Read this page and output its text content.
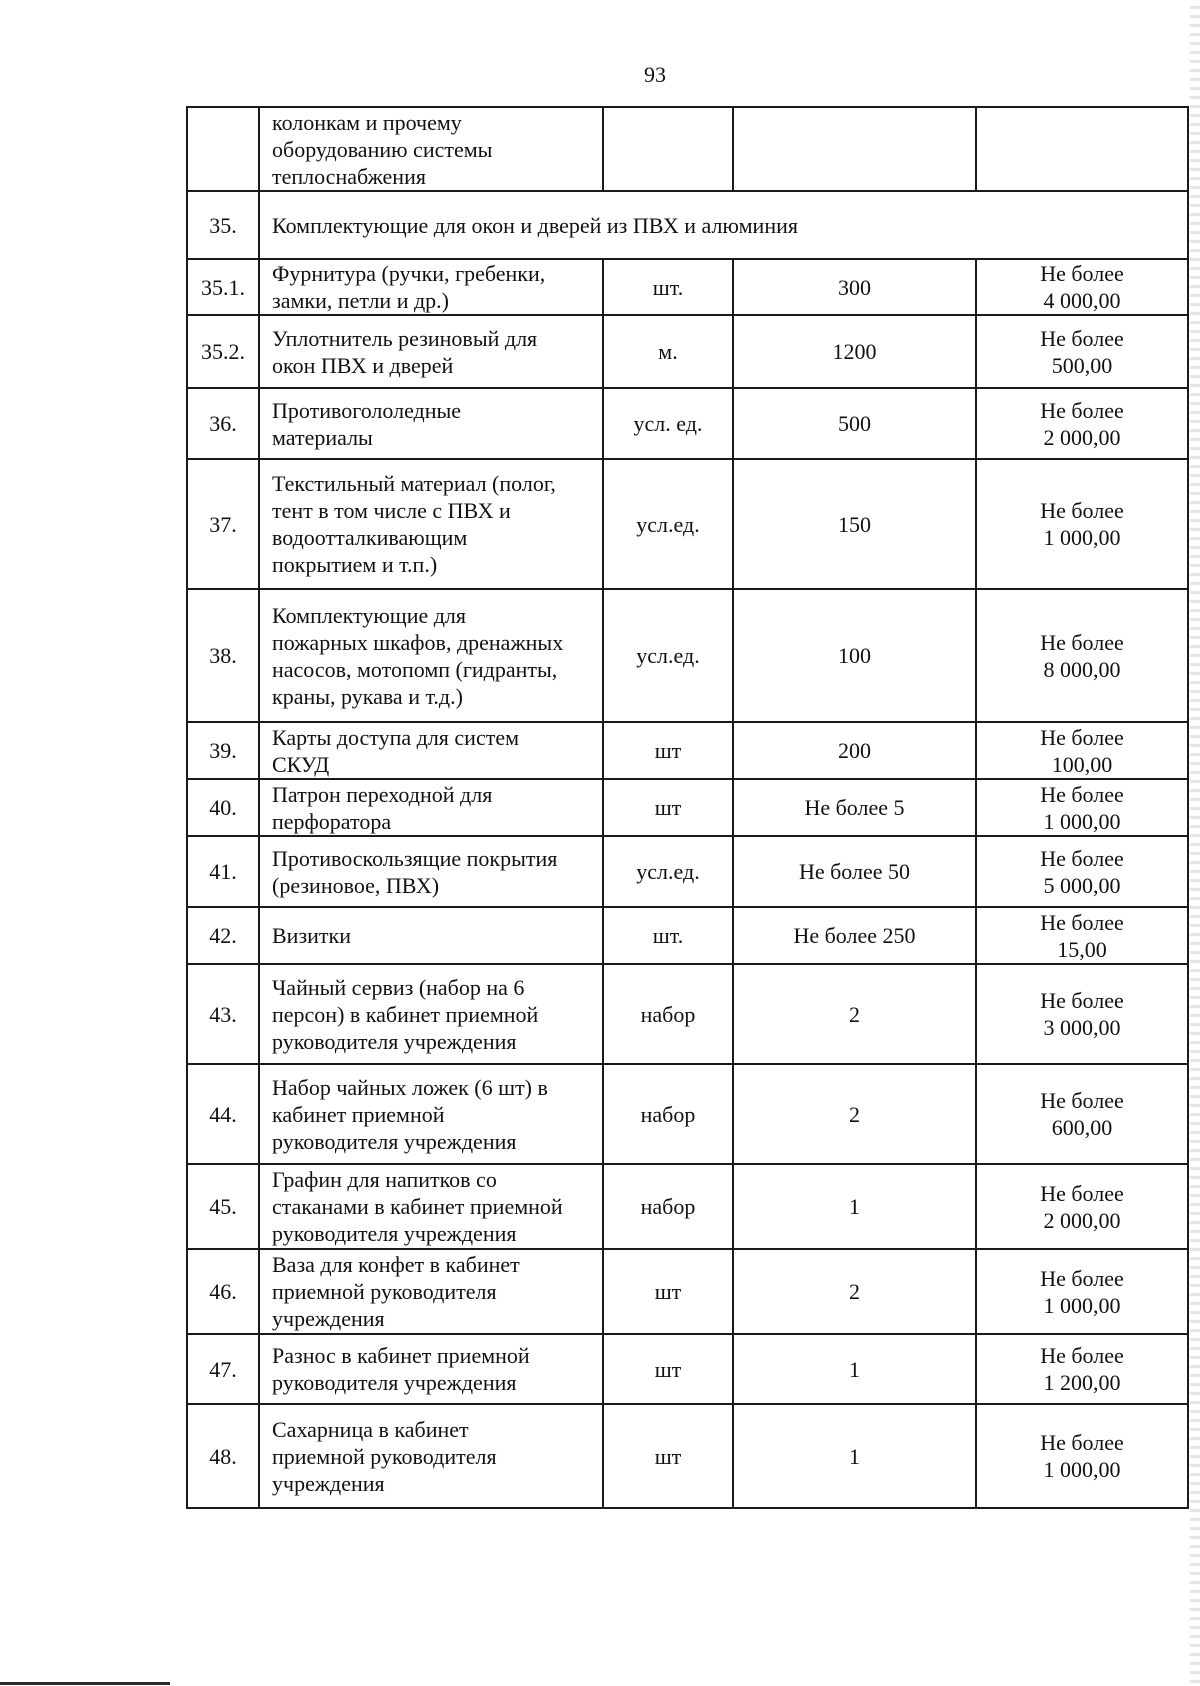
93
	колонкам и прочему
оборудованию системы
теплоснабжения			
35.	Комплектующие для окон и дверей из ПВХ и алюминия			
35.1.	Фурнитура (ручки, гребенки,
замки, петли и др.)	шт.	300	Не более
4 000,00
35.2.	Уплотнитель резиновый для
окон ПВХ и дверей	м.	1200	Не более
500,00
36.	Противогололедные
материалы	усл. ед.	500	Не более
2 000,00
37.	Текстильный материал (полог,
тент в том числе с ПВХ и
водоотталкивающим
покрытием и т.п.)	усл.ед.	150	Не более
1 000,00
38.	Комплектующие для
пожарных шкафов, дренажных
насосов, мотопомп (гидранты,
краны, рукава и т.д.)	усл.ед.	100	Не более
8 000,00
39.	Карты доступа для систем
СКУД	шт	200	Не более
100,00
40.	Патрон переходной для
перфоратора	шт	Не более 5	Не более
1 000,00
41.	Противоскользящие покрытия
(резиновое, ПВХ)	усл.ед.	Не более 50	Не более
5 000,00
42.	Визитки	шт.	Не более 250	Не более
15,00
43.	Чайный сервиз (набор на 6
персон) в кабинет приемной
руководителя учреждения	набор	2	Не более
3 000,00
44.	Набор чайных ложек (6 шт) в
кабинет приемной
руководителя учреждения	набор	2	Не более
600,00
45.	Графин для напитков со
стаканами в кабинет приемной
руководителя учреждения	набор	1	Не более
2 000,00
46.	Ваза для конфет в кабинет
приемной руководителя
учреждения	шт	2	Не более
1 000,00
47.	Разнос в кабинет приемной
руководителя учреждения	шт	1	Не более
1 200,00
48.	Сахарница в кабинет
приемной руководителя
учреждения	шт	1	Не более
1 000,00
